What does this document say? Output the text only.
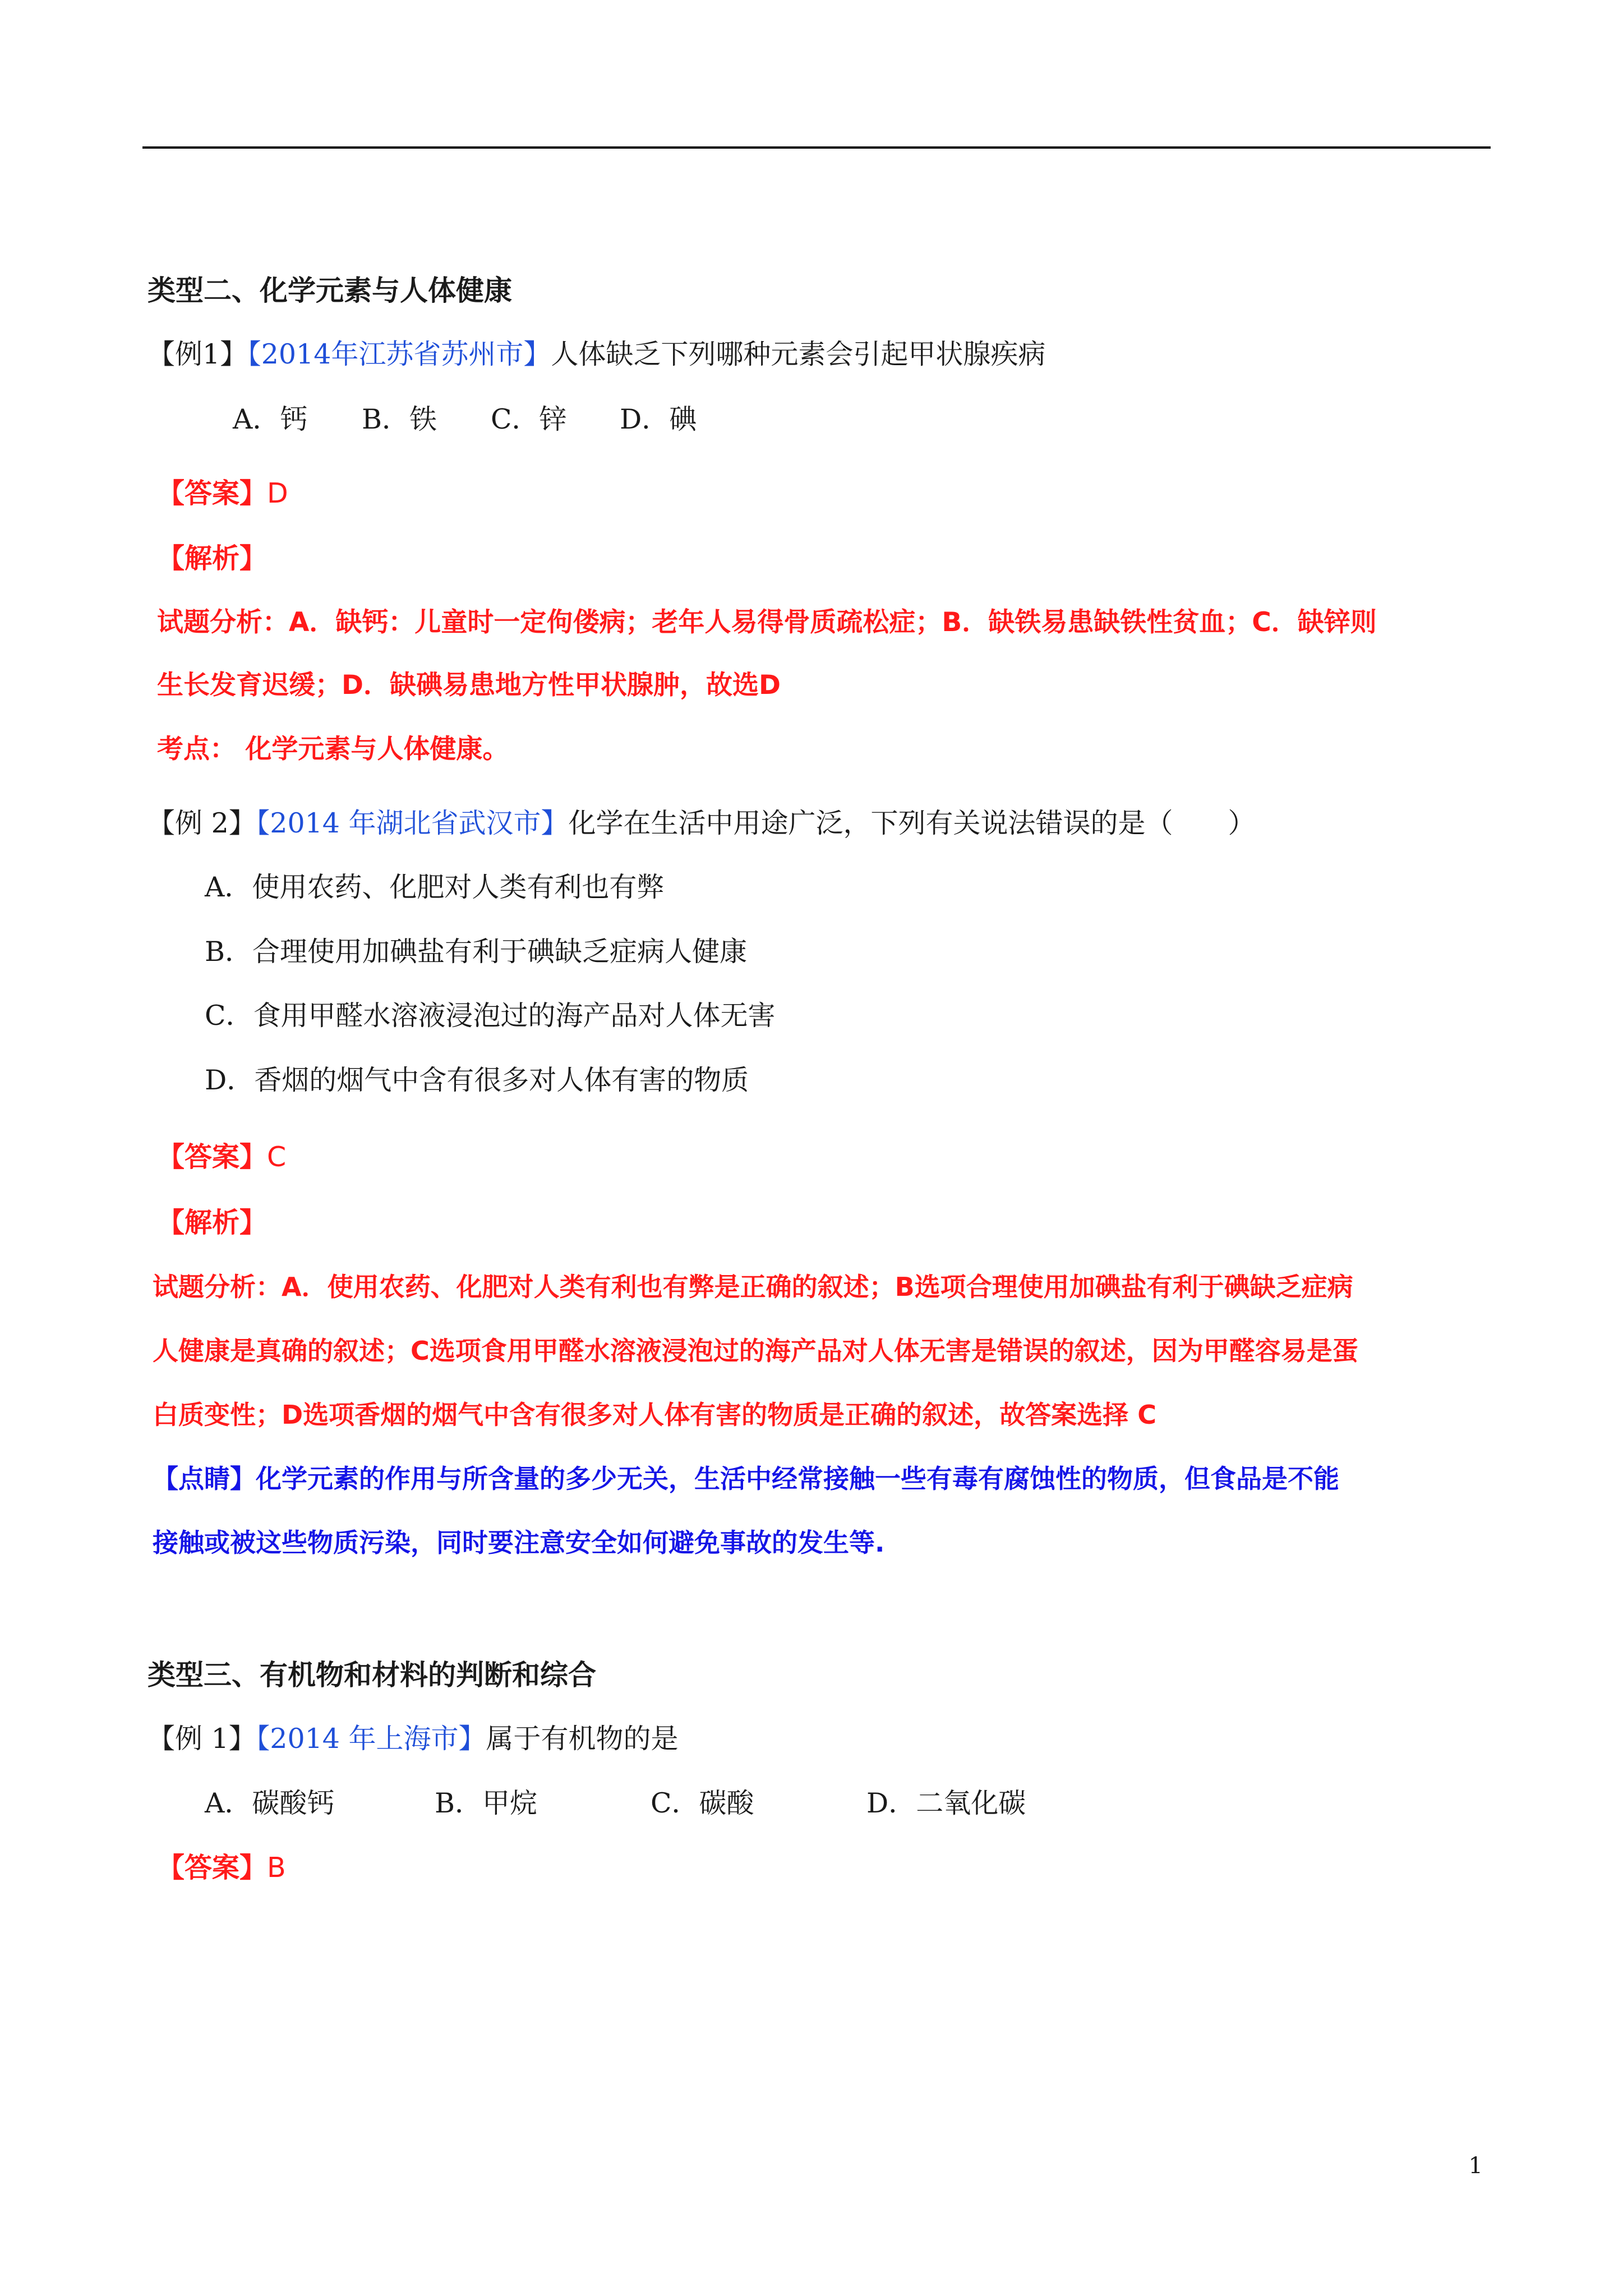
类型二、化学元素与人体健康
【例1】【2014年江苏省苏州市】人体缺乏下列哪种元素会引起甲状腺疾病
A．钙 B．铁 C．锌 D．碘
【答案】D
【解析】
试题分析：A．缺钙：儿童时一定佝偻病；老年人易得骨质疏松症；B．缺铁易患缺铁性贫血；C．缺锌则
生长发育迟缓；D．缺碘易患地方性甲状腺肿，故选D
考点： 化学元素与人体健康。
【例 2】【2014 年湖北省武汉市】化学在生活中用途广泛，下列有关说法错误的是（　　）
A．使用农药、化肥对人类有利也有弊
B．合理使用加碘盐有利于碘缺乏症病人健康
C．食用甲醛水溶液浸泡过的海产品对人体无害
D．香烟的烟气中含有很多对人体有害的物质
【答案】C
【解析】
试题分析：A．使用农药、化肥对人类有利也有弊是正确的叙述；B选项合理使用加碘盐有利于碘缺乏症病
人健康是真确的叙述；C选项食用甲醛水溶液浸泡过的海产品对人体无害是错误的叙述，因为甲醛容易是蛋
白质变性；D选项香烟的烟气中含有很多对人体有害的物质是正确的叙述，故答案选择 C
【点睛】化学元素的作用与所含量的多少无关，生活中经常接触一些有毒有腐蚀性的物质，但食品是不能
接触或被这些物质污染，同时要注意安全如何避免事故的发生等.
类型三、有机物和材料的判断和综合
【例 1】【2014 年上海市】属于有机物的是
A．碳酸钙	B．甲烷	C．碳酸	D．二氧化碳
【答案】B
1
